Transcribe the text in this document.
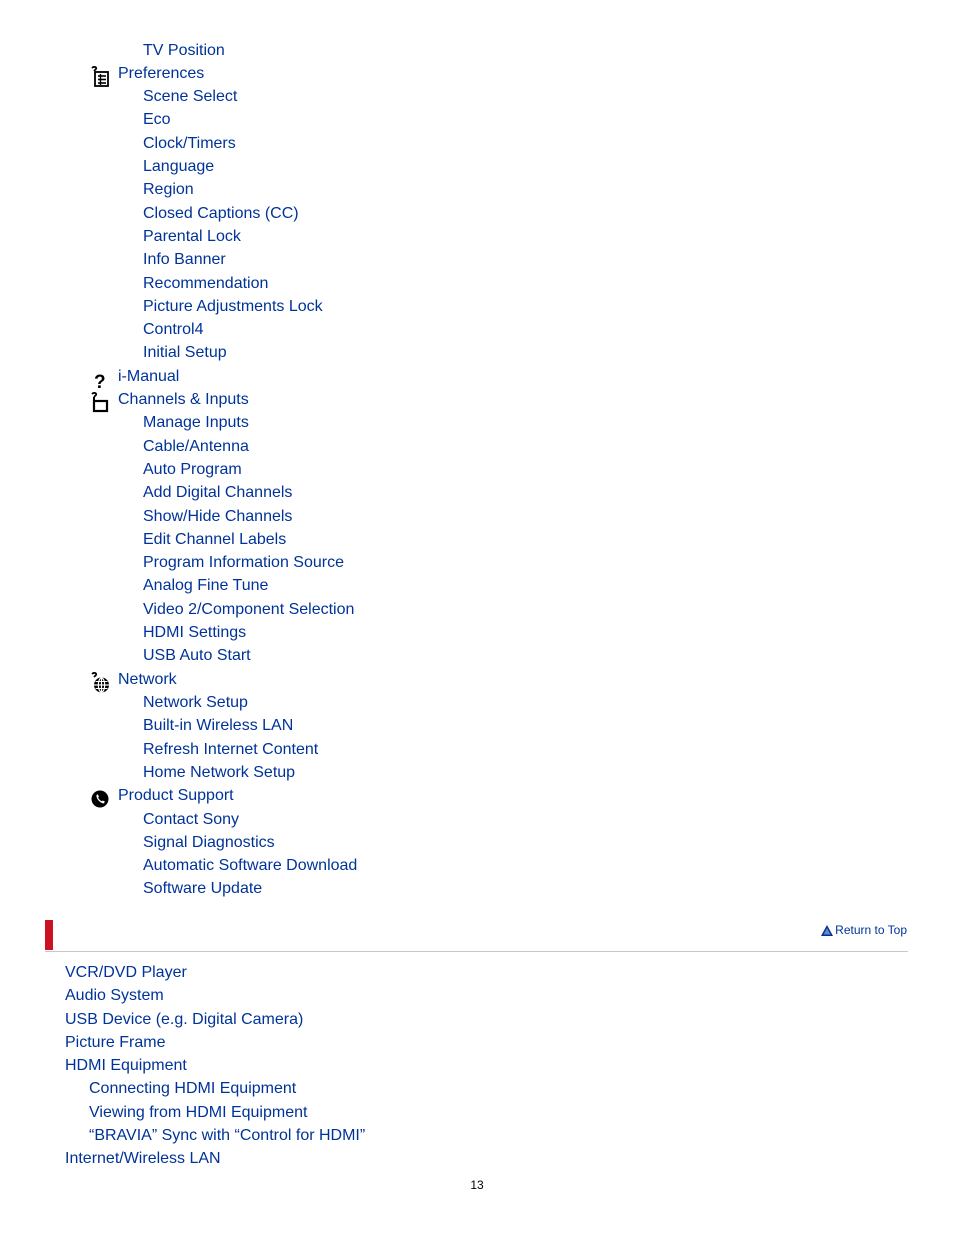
TV Position
Preferences
Scene Select
Eco
Clock/Timers
Language
Region
Closed Captions (CC)
Parental Lock
Info Banner
Recommendation
Picture Adjustments Lock
Control4
Initial Setup
? i-Manual
Channels & Inputs
Manage Inputs
Cable/Antenna
Auto Program
Add Digital Channels
Show/Hide Channels
Edit Channel Labels
Program Information Source
Analog Fine Tune
Video 2/Component Selection
HDMI Settings
USB Auto Start
Network
Network Setup
Built-in Wireless LAN
Refresh Internet Content
Home Network Setup
Product Support
Contact Sony
Signal Diagnostics
Automatic Software Download
Software Update
Return to Top
VCR/DVD Player
Audio System
USB Device (e.g. Digital Camera)
Picture Frame
HDMI Equipment
Connecting HDMI Equipment
Viewing from HDMI Equipment
“BRAVIA” Sync with “Control for HDMI”
Internet/Wireless LAN
13
